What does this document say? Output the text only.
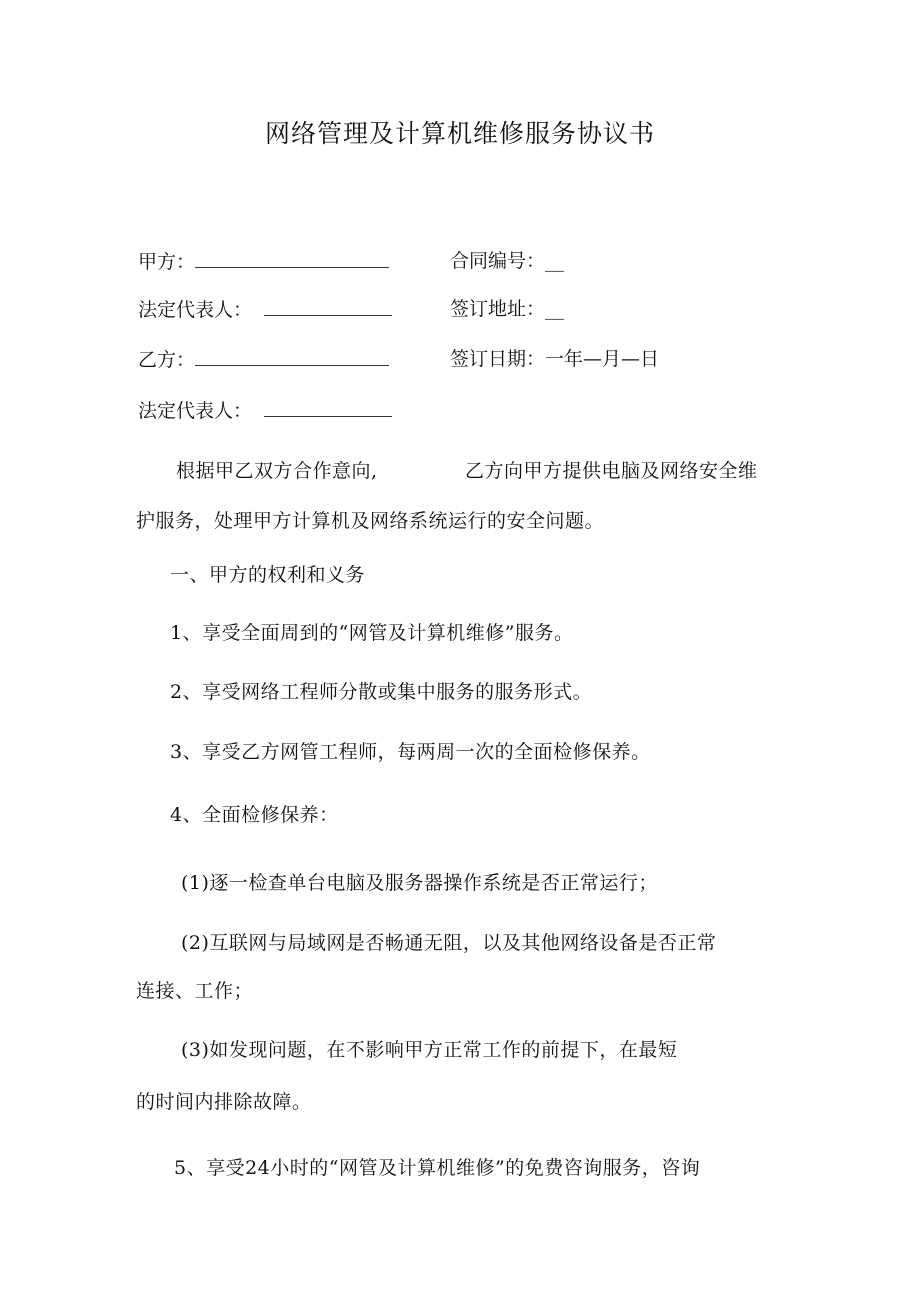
网络管理及计算机维修服务协议书
甲方：	合同编号：__
法定代表人：	签订地址：__
乙方：	签订日期：一年—月—日
法定代表人：
根据甲乙双方合作意向,	乙方向甲方提供电脑及网络安全维
护服务，处理甲方计算机及网络系统运行的安全问题。
一、甲方的权利和义务
1、享受全面周到的“网管及计算机维修”服务。
2、享受网络工程师分散或集中服务的服务形式。
3、享受乙方网管工程师，每两周一次的全面检修保养。
4、全面检修保养：
(1)逐一检查单台电脑及服务器操作系统是否正常运行；
(2)互联网与局域网是否畅通无阻，以及其他网络设备是否正常
连接、工作；
(3)如发现问题，在不影响甲方正常工作的前提下，在最短
的时间内排除故障。
5、享受24小时的“网管及计算机维修”的免费咨询服务，咨询
